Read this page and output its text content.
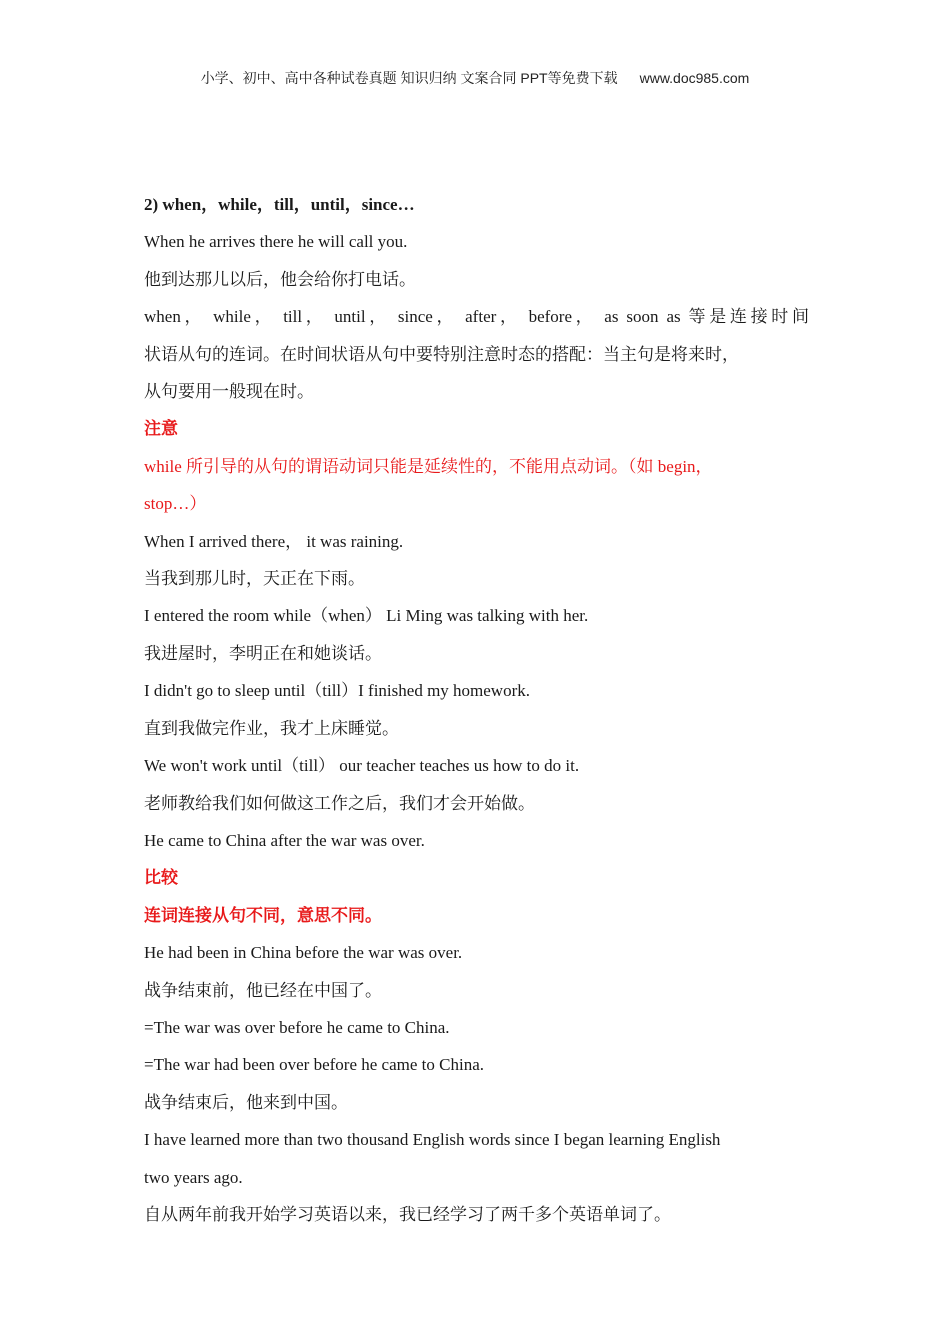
小学、初中、高中各种试卷真题 知识归纳 文案合同 PPT等免费下载 www.doc985.com
2) when，while，till，until，since…
When he arrives there he will call you.
他到达那儿以后，他会给你打电话。
when， while， till， until， since， after， before， as soon as 等是连接时间
状语从句的连词。在时间状语从句中要特别注意时态的搭配：当主句是将来时，
从句要用一般现在时。
注意
while 所引导的从句的谓语动词只能是延续性的，不能用点动词。（如 begin，
stop…）
When I arrived there， it was raining.
当我到那儿时，天正在下雨。
I entered the room while（when） Li Ming was talking with her.
我进屋时，李明正在和她谈话。
I didn't go to sleep until（till）I finished my homework.
直到我做完作业，我才上床睡觉。
We won't work until（till） our teacher teaches us how to do it.
老师教给我们如何做这工作之后，我们才会开始做。
He came to China after the war was over.
比较
连词连接从句不同，意思不同。
He had been in China before the war was over.
战争结束前，他已经在中国了。
=The war was over before he came to China.
=The war had been over before he came to China.
战争结束后，他来到中国。
I have learned more than two thousand English words since I began learning English
two years ago.
自从两年前我开始学习英语以来，我已经学习了两千多个英语单词了。
